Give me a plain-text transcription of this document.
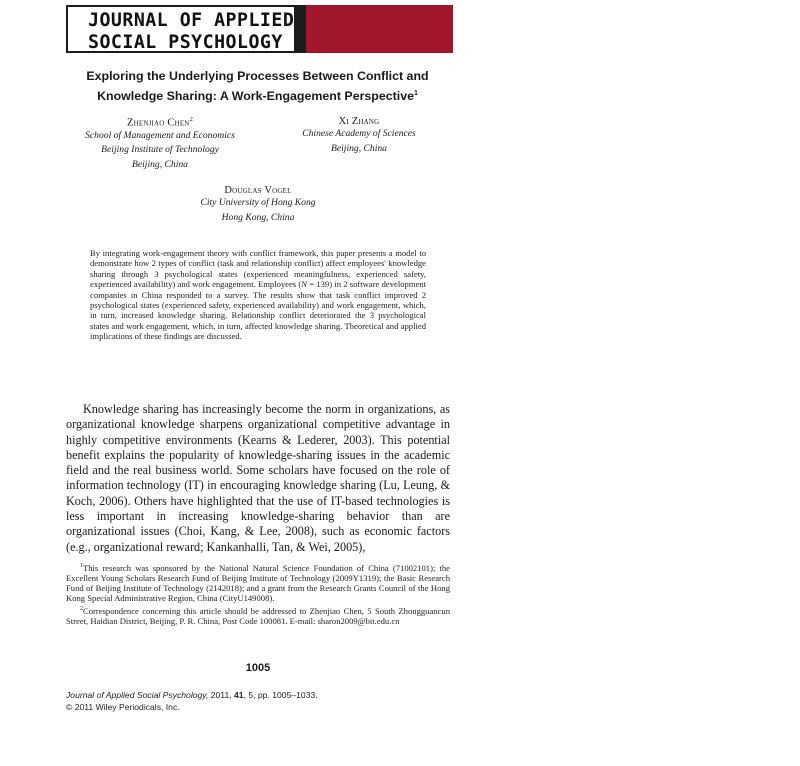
JOURNAL OF APPLIED
SOCIAL PSYCHOLOGY
Exploring the Underlying Processes Between Conflict and Knowledge Sharing: A Work-Engagement Perspective$^1$
Zhenjiao Chen$^2$
School of Management and Economics
Beijing Institute of Technology
Beijing, China
Xi Zhang
Chinese Academy of Sciences
Beijing, China
Douglas Vogel
City University of Hong Kong
Hong Kong, China
By integrating work-engagement theory with conflict framework, this paper presents a model to demonstrate how 2 types of conflict (task and relationship conflict) affect employees' knowledge sharing through 3 psychological states (experienced meaningfulness, experienced safety, experienced availability) and work engagement. Employees (N = 139) in 2 software development companies in China responded to a survey. The results show that task conflict improved 2 psychological states (experienced safety, experienced availability) and work engagement, which, in turn, increased knowledge sharing. Relationship conflict deteriorated the 3 psychological states and work engagement, which, in turn, affected knowledge sharing. Theoretical and applied implications of these findings are discussed.
Knowledge sharing has increasingly become the norm in organizations, as organizational knowledge sharpens organizational competitive advantage in highly competitive environments (Kearns & Lederer, 2003). This potential benefit explains the popularity of knowledge-sharing issues in the academic field and the real business world. Some scholars have focused on the role of information technology (IT) in encouraging knowledge sharing (Lu, Leung, & Koch, 2006). Others have highlighted that the use of IT-based technologies is less important in increasing knowledge-sharing behavior than are organizational issues (Choi, Kang, & Lee, 2008), such as economic factors (e.g., organizational reward; Kankanhalli, Tan, & Wei, 2005),
$^1$This research was sponsored by the National Natural Science Foundation of China (71002101); the Excellent Young Scholars Research Fund of Beijing Institute of Technology (2009Y1319); the Basic Research Fund of Beijing Institute of Technology (2142018); and a grant from the Research Grants Council of the Hong Kong Special Administrative Region, China (CityU149008).
$^2$Correspondence concerning this article should be addressed to Zhenjiao Chen, 5 South Zhongguancun Street, Haidian District, Beijing, P. R. China, Post Code 100081. E-mail: sharon2009@bit.edu.cn
1005
Journal of Applied Social Psychology, 2011, 41, 5, pp. 1005–1033.
© 2011 Wiley Periodicals, Inc.
